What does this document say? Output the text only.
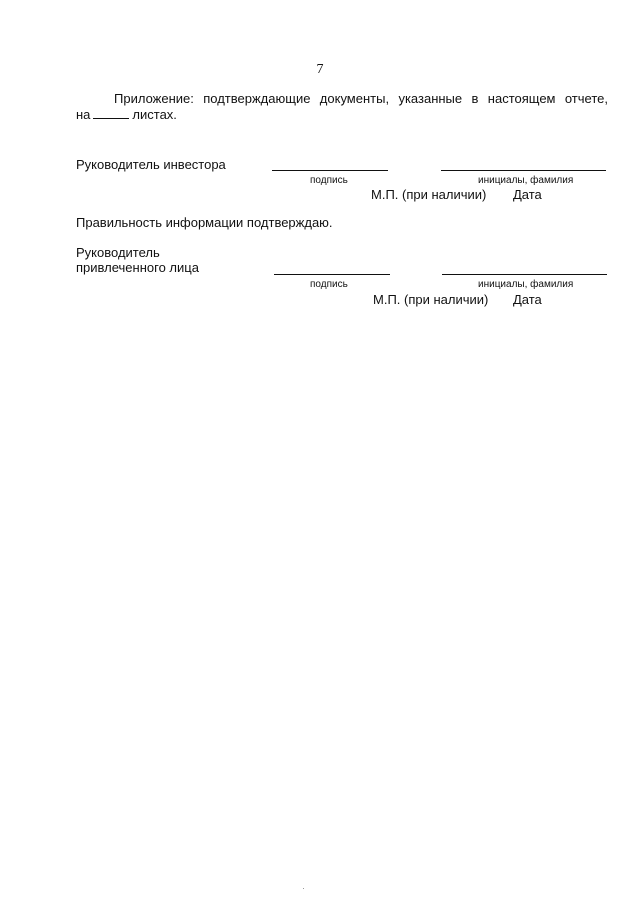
7
Приложение: подтверждающие документы, указанные в настоящем отчете,
на	листах.
Руководитель инвестора
подпись	инициалы, фамилия
М.П. (при наличии) Дата
Правильность информации подтверждаю.
Руководитель
привлеченного лица
подпись	инициалы, фамилия
М.П. (при наличии) Дата
